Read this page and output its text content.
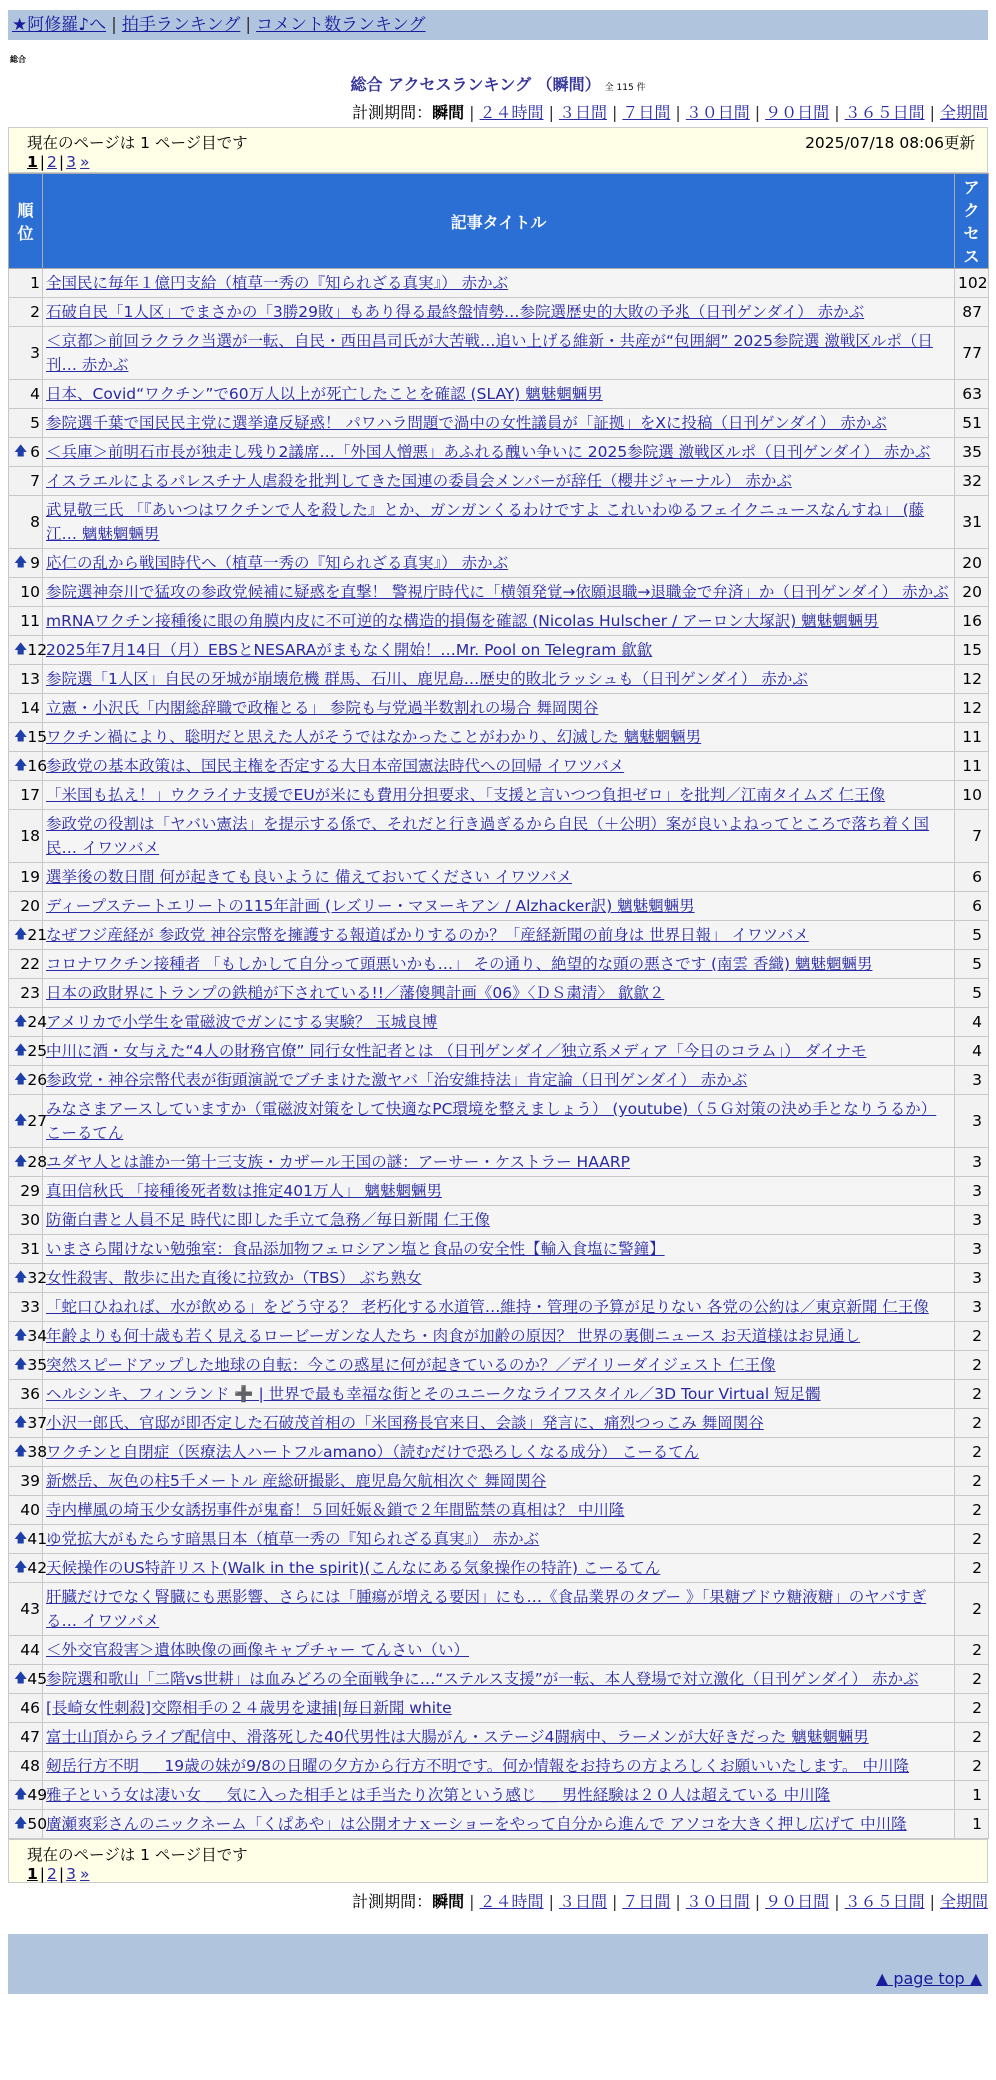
★阿修羅♪へ | 拍手ランキング | コメント数ランキング
総合
総合 アクセスランキング （瞬間） 全 115 件
計測期間：瞬間 | ２４時間 | ３日間 | ７日間 | ３０日間 | ９０日間 | ３６５日間 | 全期間
現在のページは 1 ページ目です	2025/07/18 08:06更新
1 | 2 | 3 »
順位	記事タイトル	アクセス
1	全国民に毎年１億円支給（植草一秀の『知られざる真実』） 赤かぶ	102
2	石破自民「1人区」でまさかの「3勝29敗」もあり得る最終盤情勢…参院選歴史的大敗の予兆（日刊ゲンダイ） 赤かぶ	87
3	＜京都＞前回ラクラク当選が一転、自民・西田昌司氏が大苦戦…追い上げる維新・共産が“包囲網” 2025参院選 激戦区ルポ（日刊… 赤かぶ	77
4	日本、Covid“ワクチン”で60万人以上が死亡したことを確認 (SLAY) 魑魅魍魎男	63
5	参院選千葉で国民民主党に選挙違反疑惑！ パワハラ問題で渦中の女性議員が「証拠」をXに投稿（日刊ゲンダイ） 赤かぶ	51

🡅 6	＜兵庫＞前明石市長が独走し残り2議席…「外国人憎悪」あふれる醜い争いに 2025参院選 激戦区ルポ（日刊ゲンダイ） 赤かぶ	35
7	イスラエルによるパレスチナ人虐殺を批判してきた国連の委員会メンバーが辞任（櫻井ジャーナル） 赤かぶ	32
8	武見敬三氏 「『あいつはワクチンで人を殺した』とか、ガンガンくるわけですよ これいわゆるフェイクニュースなんすね」 (藤江… 魑魅魍魎男	31

🡅 9	応仁の乱から戦国時代へ（植草一秀の『知られざる真実』） 赤かぶ	20
10	参院選神奈川で猛攻の参政党候補に疑惑を直撃！ 警視庁時代に「横領発覚→依願退職→退職金で弁済」か（日刊ゲンダイ） 赤かぶ	20
11	mRNAワクチン接種後に眼の角膜内皮に不可逆的な構造的損傷を確認 (Nicolas Hulscher / アーロン大塚訳) 魑魅魍魎男	16

🡅 12	2025年7月14日（月）EBSとNESARAがまもなく開始！…Mr. Pool on Telegram 歙歙	15
13	参院選「1人区」自民の牙城が崩壊危機 群馬、石川、鹿児島…歴史的敗北ラッシュも（日刊ゲンダイ） 赤かぶ	12
14	立憲・小沢氏「内閣総辞職で政権とる」 参院も与党過半数割れの場合 舞岡関谷	12

🡅 15	ワクチン禍により、聡明だと思えた人がそうではなかったことがわかり、幻滅した 魑魅魍魎男	11

🡅 16	参政党の基本政策は、国民主権を否定する大日本帝国憲法時代への回帰 イワツバメ	11
17	「米国も払え！」ウクライナ支援でEUが米にも費用分担要求、「支援と言いつつ負担ゼロ」を批判／江南タイムズ 仁王像	10
18	参政党の役割は「ヤバい憲法」を提示する係で、それだと行き過ぎるから自民（＋公明）案が良いよねってところで落ち着く国民… イワツバメ	7
19	選挙後の数日間 何が起きても良いように 備えておいてください イワツバメ	6
20	ディープステートエリートの115年計画 (レズリー・マヌーキアン / Alzhacker訳) 魑魅魍魎男	6

🡅 21	なぜフジ産経が 参政党 神谷宗幣を擁護する報道ばかりするのか？「産経新聞の前身は 世界日報」 イワツバメ	5
22	コロナワクチン接種者 「もしかして自分って頭悪いかも…」 その通り、絶望的な頭の悪さです (南雲 香織) 魑魅魍魎男	5
23	日本の政財界にトランプの鉄槌が下されている!!／藩傻興計画《06》〈ＤＳ粛清〉 歙歙２	5

🡅 24	アメリカで小学生を電磁波でガンにする実験？ 玉城良博	4

🡅 25	中川に酒・女与えた“4人の財務官僚” 同行女性記者とは （日刊ゲンダイ／独立系メディア「今日のコラム」） ダイナモ	4

🡅 26	参政党・神谷宗幣代表が街頭演説でブチまけた激ヤバ「治安維持法」肯定論（日刊ゲンダイ） 赤かぶ	3

🡅 27	みなさまアースしていますか（電磁波対策をして快適なPC環境を整えましょう） (youtube)（５Ｇ対策の決め手となりうるか） こーるてん	3

🡅 28	ユダヤ人とは誰か一第十三支族・カザール王国の謎：アーサー・ケストラー HAARP	3
29	真田信秋氏 「接種後死者数は推定401万人」 魑魅魍魎男	3
30	防衛白書と人員不足 時代に即した手立て急務／毎日新聞 仁王像	3
31	いまさら聞けない勉強室：食品添加物フェロシアン塩と食品の安全性【輸入食塩に警鐘】	3

🡅 32	女性殺害、散歩に出た直後に拉致か（TBS） ぶち熟女	3
33	「蛇口ひねれば、水が飲める」をどう守る？ 老朽化する水道管…維持・管理の予算が足りない 各党の公約は／東京新聞 仁王像	3

🡅 34	年齢よりも何十歳も若く見えるロービーガンな人たち・肉食が加齢の原因？ 世界の裏側ニュース お天道様はお見通し	2

🡅 35	突然スピードアップした地球の自転：今この惑星に何が起きているのか？／デイリーダイジェスト 仁王像	2
36	ヘルシンキ、フィンランド ➕ | 世界で最も幸福な街とそのユニークなライフスタイル／3D Tour Virtual 短足髑	2

🡅 37	小沢一郎氏、官邸が即否定した石破茂首相の「米国務長官来日、会談」発言に、痛烈つっこみ 舞岡関谷	2

🡅 38	ワクチンと自閉症（医療法人ハートフルamano）（読むだけで恐ろしくなる成分） こーるてん	2
39	新燃岳、灰色の柱5千メートル 産総研撮影、鹿児島欠航相次ぐ 舞岡関谷	2
40	寺内樺風の埼玉少女誘拐事件が鬼畜！５回妊娠＆鎖で２年間監禁の真相は？ 中川隆	2

🡅 41	ゆ党拡大がもたらす暗黒日本（植草一秀の『知られざる真実』） 赤かぶ	2

🡅 42	天候操作のUS特許リスト(Walk in the spirit)(こんなにある気象操作の特許) こーるてん	2
43	肝臓だけでなく腎臓にも悪影響、さらには「腫瘍が増える要因」にも…《食品業界のタブー 》「果糖ブドウ糖液糖」のヤバすぎる… イワツバメ	2
44	＜外交官殺害＞遺体映像の画像キャプチャー てんさい（い）	2

🡅 45	参院選和歌山「二階vs世耕」は血みどろの全面戦争に…“ステルス支援”が一転、本人登場で対立激化（日刊ゲンダイ） 赤かぶ	2
46	[長崎女性刺殺]交際相手の２４歳男を逮捕|毎日新聞 white	2
47	富士山頂からライブ配信中、滑落死した40代男性は大腸がん・ステージ4闘病中、ラーメンが大好きだった 魑魅魍魎男	2
48	剱岳行方不明 ＿ 19歳の妹が9/8の日曜の夕方から行方不明です。何か情報をお持ちの方よろしくお願いいたします。 中川隆	2

🡅 49	雅子という女は凄い女 ＿ 気に入った相手とは手当たり次第という感じ ＿ 男性経験は２０人は超えている 中川隆	1

🡅 50	廣瀬爽彩さんのニックネーム「くぱあや」は公開オナｘーショーをやって自分から進んで アソコを大きく押し広げて 中川隆	1
現在のページは 1 ページ目です
1 | 2 | 3 »
計測期間：瞬間 | ２４時間 | ３日間 | ７日間 | ３０日間 | ９０日間 | ３６５日間 | 全期間
▲ page top ▲
